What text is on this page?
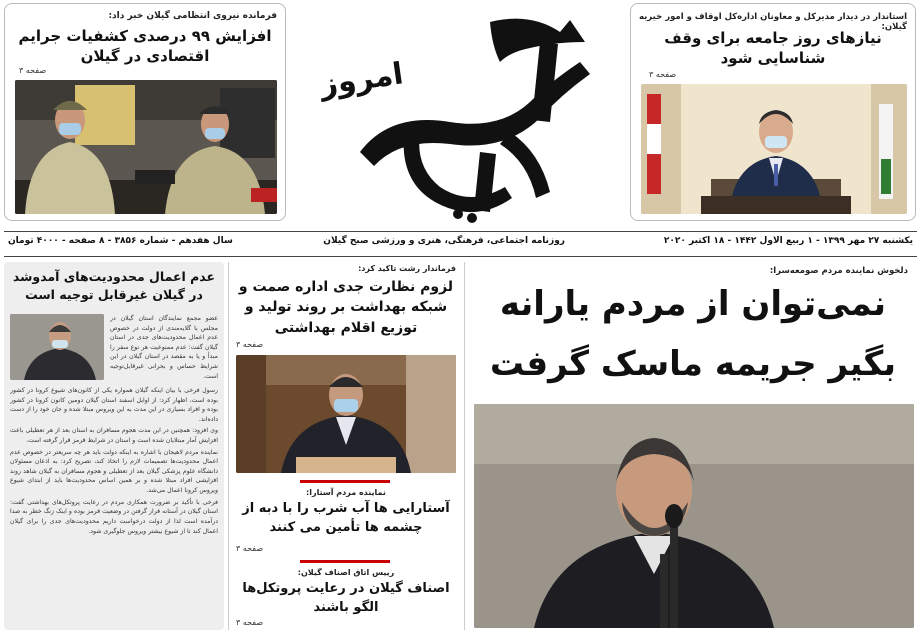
استاندار در دیدار مدیرکل و معاونان اداره‌کل اوقاف و امور خیریه گیلان:
نیازهای روز جامعه برای وقف شناسایی شود
صفحه ۳
فرمانده نیروی انتظامی گیلان خبر داد:
افزایش ۹۹ درصدی کشفیات جرایم اقتصادی در گیلان
صفحه ۳	امروز
یکشنبه ۲۷ مهر ۱۳۹۹ - ۱ ربیع الاول ۱۴۴۲ - ۱۸ اکتبر ۲۰۲۰
روزنامه اجتماعی، فرهنگی، هنری و ورزشی صبح گیلان
سال هفدهم - شماره ۳۸۵۶ - ۸ صفحه - ۴۰۰۰ تومان
دلخوش نماینده مردم صومعه‌سرا:
نمی‌توان از مردم یارانه
بگیر جریمه ماسک گرفت
فرماندار رشت تاکید کرد:
لزوم نظارت جدی اداره صمت و شبکه بهداشت بر روند تولید و توزیع اقلام بهداشتی
صفحه ۳
نماینده مردم آستارا:
آستارایی ها آب شرب را با دبه از چشمه ها تأمین می کنند
صفحه ۳
رییس اتاق اصناف گیلان:
اصناف گیلان در رعایت پروتکل‌ها الگو باشند
صفحه ۳
عدم اعمال محدودیت‌های آمدوشد در گیلان غیرقابل توجیه است

عضو مجمع نمایندگان استان گیلان در مجلس با گلایه‌مندی از دولت در خصوص عدم اعمال محدودیت‌های جدی در استان گیلان گفت: عدم ممنوعیت هر نوع سفر را مبدأ و یا به مقصد در استان گیلان در این شرایط حساس و بحرانی غیرقابل‌توجیه است.

رسول فرخی با بیان اینکه گیلان همواره یکی از کانون‌های شیوع کرونا در کشور بوده است، اظهار کرد: از اوایل اسفند استان گیلان دومین کانون کرونا در کشور بوده و افراد بسیاری در این مدت به این ویروس مبتلا شده و جان خود را از دست داده‌اند.

وی افزود: همچنین در این مدت هجوم مسافران به استان بعد از هر تعطیلی باعث افزایش آمار مبتلایان شده است و استان در شرایط قرمز قرار گرفته است.

نماینده مردم لاهیجان با اشاره به اینکه دولت باید هر چه سریعتر در خصوص عدم اعمال محدودیت‌ها تصمیمات لازم را اتخاذ کند، تصریح کرد: به اذعان مسئولان دانشگاه علوم پزشکی گیلان بعد از تعطیلی و هجوم مسافران به گیلان شاهد روند افزایشی افراد مبتلا شده و بر همین اساس محدودیت‌ها باید از ابتدای شیوع ویروس کرونا اعمال می‌شد.

فرخی با تأکید بر ضرورت همکاری مردم در رعایت پروتکل‌های بهداشتی گفت: استان گیلان در آستانه قرار گرفتن در وضعیت قرمز بوده و اینک زنگ خطر به صدا درآمده است لذا از دولت درخواست داریم محدودیت‌های جدی را برای گیلان اعمال کند تا از شیوع بیشتر ویروس جلوگیری شود.
